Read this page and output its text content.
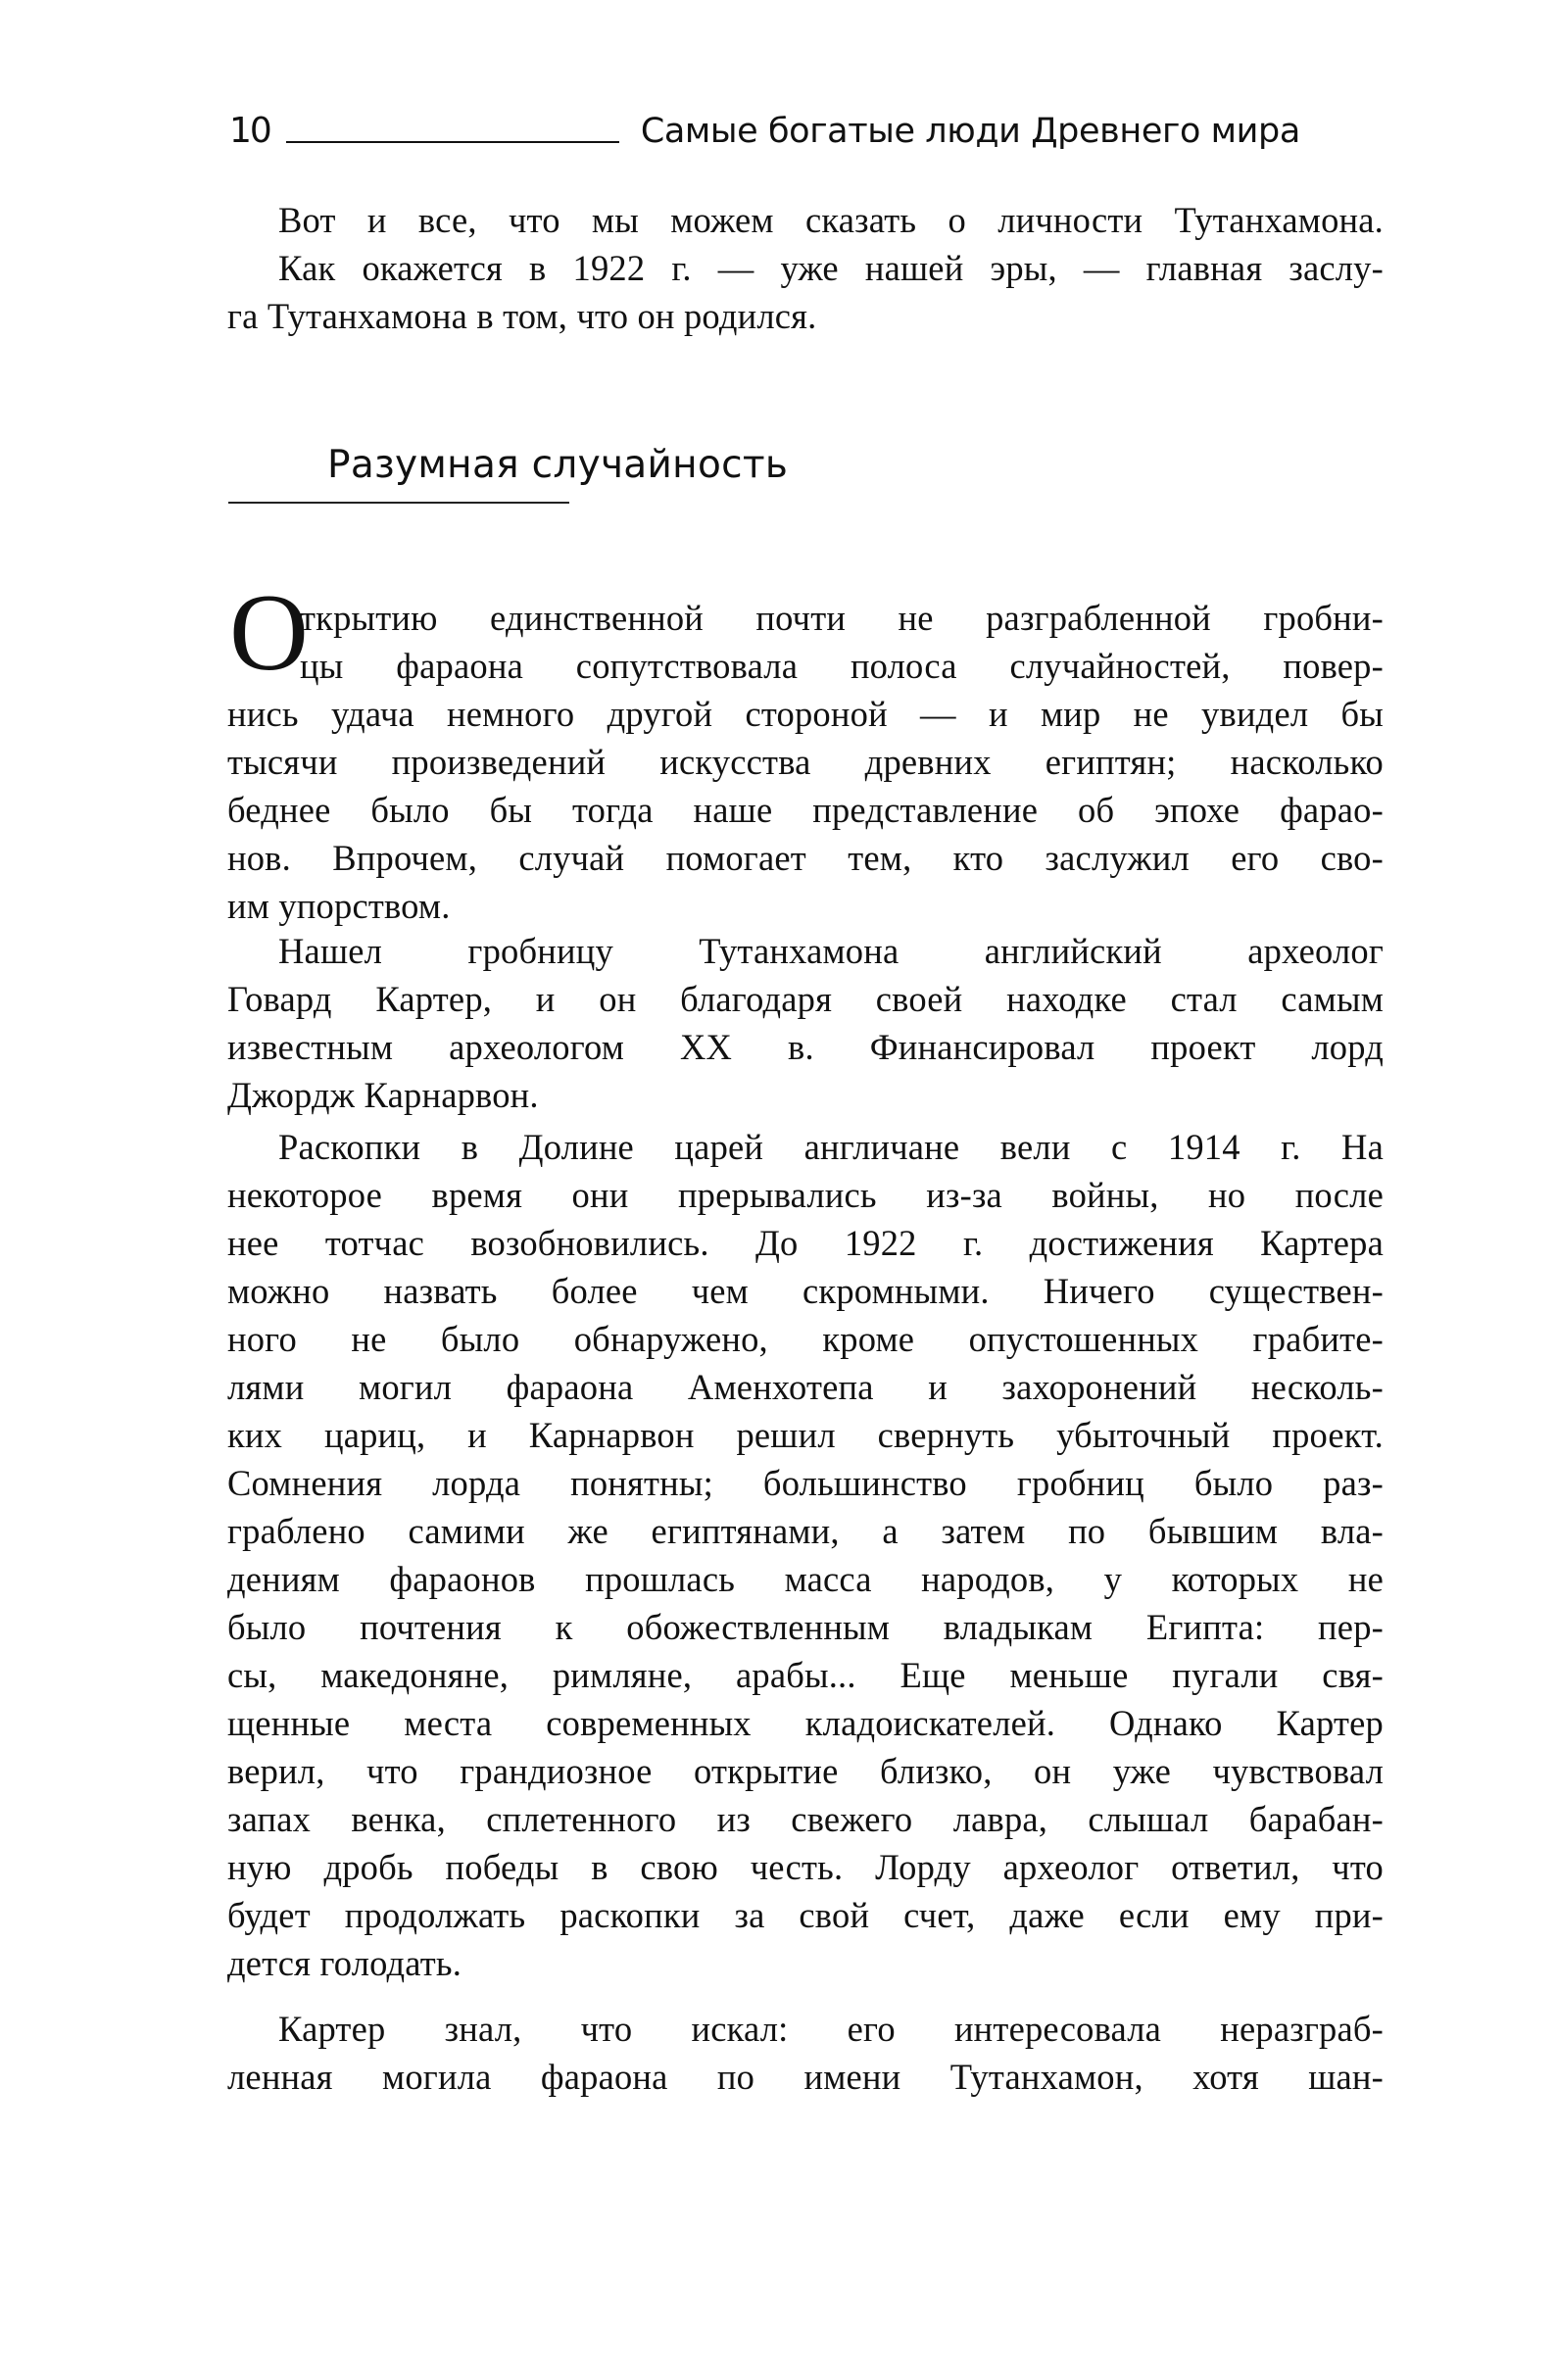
10	Самые богатые люди Древнего мира
Вот и все, что мы можем сказать о личности Тутанхамона.
Как окажется в 1922 г. — уже нашей эры, — главная заслу-
га Тутанхамона в том, что он родился.
Разумная случайность
О
ткрытию единственной почти не разграбленной гробни-
цы фараона сопутствовала полоса случайностей, повер-
нись удача немного другой стороной — и мир не увидел бы
тысячи произведений искусства древних египтян; насколько
беднее было бы тогда наше представление об эпохе фарао-
нов. Впрочем, случай помогает тем, кто заслужил его сво-
им упорством.
Нашел гробницу Тутанхамона английский археолог
Говард Картер, и он благодаря своей находке стал самым
известным археологом XX в. Финансировал проект лорд
Джордж Карнарвон.
Раскопки в Долине царей англичане вели с 1914 г. На
некоторое время они прерывались из-за войны, но после
нее тотчас возобновились. До 1922 г. достижения Картера
можно назвать более чем скромными. Ничего существен-
ного не было обнаружено, кроме опустошенных грабите-
лями могил фараона Аменхотепа и захоронений несколь-
ких цариц, и Карнарвон решил свернуть убыточный проект.
Сомнения лорда понятны; большинство гробниц было раз-
граблено самими же египтянами, а затем по бывшим вла-
дениям фараонов прошлась масса народов, у которых не
было почтения к обожествленным владыкам Египта: пер-
сы, македоняне, римляне, арабы... Еще меньше пугали свя-
щенные места современных кладоискателей. Однако Картер
верил, что грандиозное открытие близко, он уже чувствовал
запах венка, сплетенного из свежего лавра, слышал барабан-
ную дробь победы в свою честь. Лорду археолог ответил, что
будет продолжать раскопки за свой счет, даже если ему при-
дется голодать.
Картер знал, что искал: его интересовала неразграб-
ленная могила фараона по имени Тутанхамон, хотя шан-
